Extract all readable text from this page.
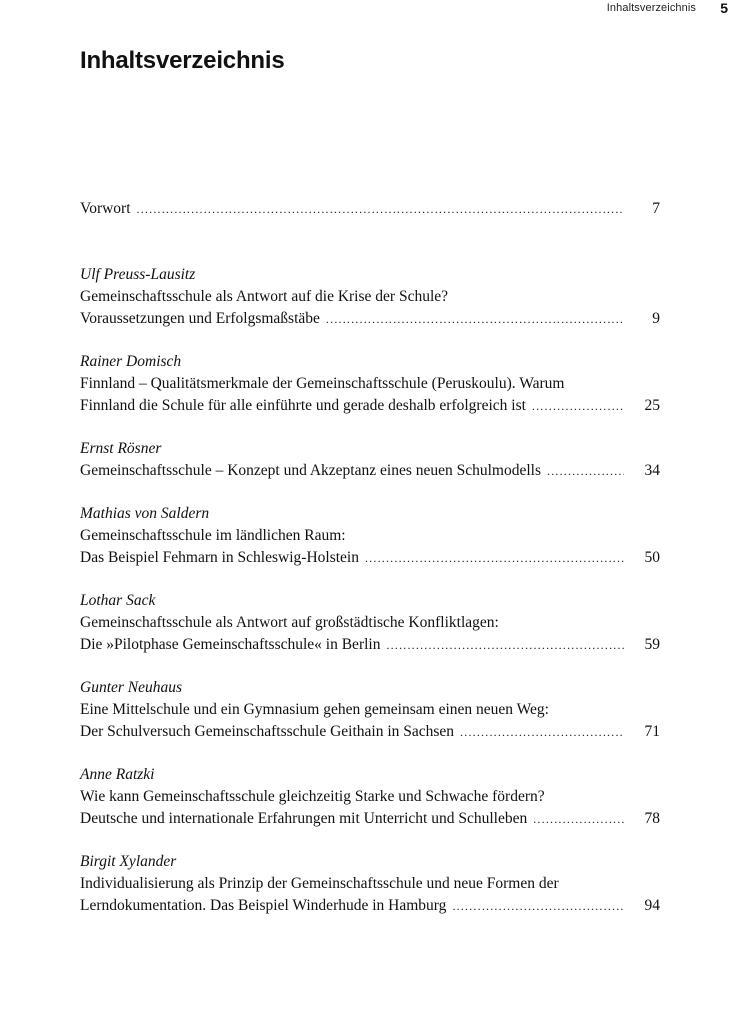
Inhaltsverzeichnis 5
Inhaltsverzeichnis
Vorwort .....	7
Ulf Preuss-Lausitz
Gemeinschaftsschule als Antwort auf die Krise der Schule?
Voraussetzungen und Erfolgsmaßstäbe .....	9
Rainer Domisch
Finnland – Qualitätsmerkmale der Gemeinschaftsschule (Peruskoulu). Warum
Finnland die Schule für alle einführte und gerade deshalb erfolgreich ist .....	25
Ernst Rösner
Gemeinschaftsschule – Konzept und Akzeptanz eines neuen Schulmodells .....	34
Mathias von Saldern
Gemeinschaftsschule im ländlichen Raum:
Das Beispiel Fehmarn in Schleswig-Holstein .....	50
Lothar Sack
Gemeinschaftsschule als Antwort auf großstädtische Konfliktlagen:
Die »Pilotphase Gemeinschaftsschule« in Berlin .....	59
Gunter Neuhaus
Eine Mittelschule und ein Gymnasium gehen gemeinsam einen neuen Weg:
Der Schulversuch Gemeinschaftsschule Geithain in Sachsen .....	71
Anne Ratzki
Wie kann Gemeinschaftsschule gleichzeitig Starke und Schwache fördern?
Deutsche und internationale Erfahrungen mit Unterricht und Schulleben .....	78
Birgit Xylander
Individualisierung als Prinzip der Gemeinschaftsschule und neue Formen der
Lerndokumentation. Das Beispiel Winderhude in Hamburg .....	94
